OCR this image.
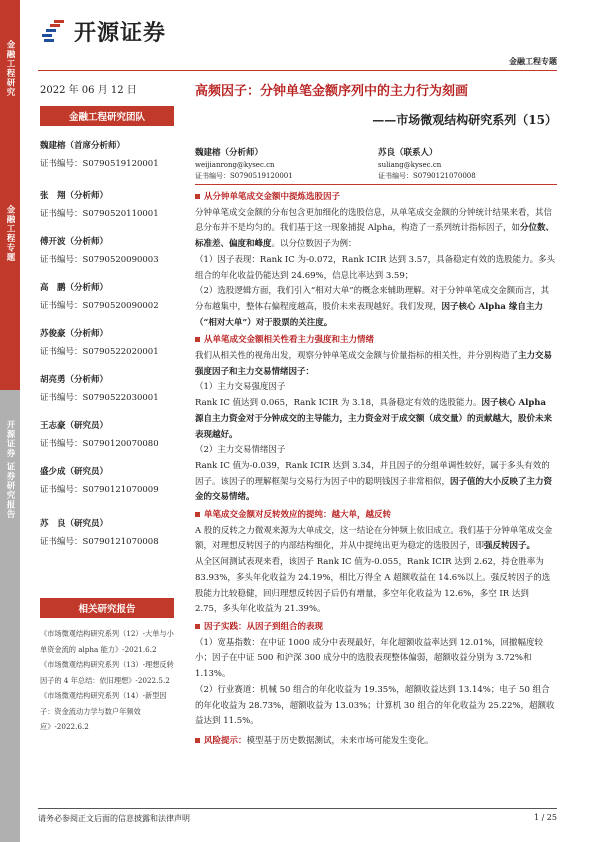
金融工程研究
金融工程专题
开源证券 证券研究报告
开源证券
金融工程专题
2022 年 06 月 12 日	高频因子：分钟单笔金额序列中的主力行为刻画
——市场微观结构研究系列（15）
金融工程研究团队
魏建榕（首席分析师）
证书编号：S0790519120001
张　翔（分析师）
证书编号：S0790520110001
傅开波（分析师）
证书编号：S0790520090003
高　鹏（分析师）
证书编号：S0790520090002
苏俊豪（分析师）
证书编号：S0790522020001
胡亮勇（分析师）
证书编号：S0790522030001
王志豪（研究员）
证书编号：S0790120070080
盛少成（研究员）
证书编号：S0790121070009
苏　良（研究员）
证书编号：S0790121070008
相关研究报告
《市场微观结构研究系列（12）-大单与小单资金流的 alpha 能力》-2021.6.2
《市场微观结构研究系列（13）-理想反转因子的 4 年总结：依旧理想》-2022.5.2
《市场微观结构研究系列（14）-新型因子：资金流动力学与数户年频效应》-2022.6.2
魏建榕（分析师）
weijianrong@kysec.cn
证书编号：S0790519120001
苏良（联系人）
suliang@kysec.cn
证书编号：S0790121070008

从分钟单笔成交金额中提炼选股因子

分钟单笔成交金额的分布包含更加细化的选股信息，从单笔成交金额的分钟统计结果来看，其信息分布并不是均匀的。我们基于这一现象捕捉 Alpha，构造了一系列统计指标因子，如分位数、标准差、偏度和峰度。以分位数因子为例：

（1）因子表现：Rank IC 为-0.072，Rank ICIR 达到 3.57，具备稳定有效的选股能力。多头组合的年化收益仍能达到 24.69%，信息比率达到 3.59；

（2）选股逻辑方面，我们引入“相对大单”的概念来辅助理解。对于分钟单笔成交金额而言，其分布越集中，整体右偏程度越高，股价未来表现越好。我们发现，因子核心 Alpha 缘自主力（“相对大单”）对于股票的关注度。

从单笔成交金额相关性看主力强度和主力情绪

我们从相关性的视角出发，观察分钟单笔成交金额与价量指标的相关性，并分别构造了主力交易强度因子和主力交易情绪因子：

（1）主力交易强度因子

Rank IC 值达到 0.065，Rank ICIR 为 3.18，具备稳定有效的选股能力。因子核心 Alpha 源自主力资金对于分钟成交的主导能力，主力资金对于成交额（成交量）的贡献越大，股价未来表现越好。

（2）主力交易情绪因子

Rank IC 值为-0.039，Rank ICIR 达到 3.34，并且因子的分组单调性较好，属于多头有效的因子。该因子的理解框架与交易行为因子中的聪明钱因子非常相似，因子值的大小反映了主力资金的交易情绪。

单笔成交金额对反转效应的提纯：越大单，越反转

A 股的反转之力微观来源为大单成交，这一结论在分钟频上依旧成立。我们基于分钟单笔成交金额，对理想反转因子的内部结构细化，并从中提纯出更为稳定的选股因子，即强反转因子。

从全区间测试表现来看，该因子 Rank IC 值为-0.055，Rank ICIR 达到 2.62，持仓胜率为 83.93%，多头年化收益为 24.19%，相比万得全 A 超额收益在 14.6%以上。强反转因子的选股能力比较稳健，回归理想反转因子后仍有增量，多空年化收益为 12.6%，多空 IR 达到 2.75，多头年化收益为 21.39%。

因子实践：从因子到组合的表现

（1）宽基指数：在中证 1000 成分中表现最好，年化超额收益率达到 12.01%，回撤幅度较小；因子在中证 500 和沪深 300 成分中的选股表现整体偏弱，超额收益分别为 3.72%和 1.13%。

（2）行业赛道：机械 50 组合的年化收益为 19.35%，超额收益达到 13.14%；电子 50 组合的年化收益为 28.73%，超额收益为 13.03%；计算机 30 组合的年化收益为 25.22%，超额收益达到 11.5%。

风险提示：模型基于历史数据测试，未来市场可能发生变化。

请务必参阅正文后面的信息披露和法律声明	1 / 25
